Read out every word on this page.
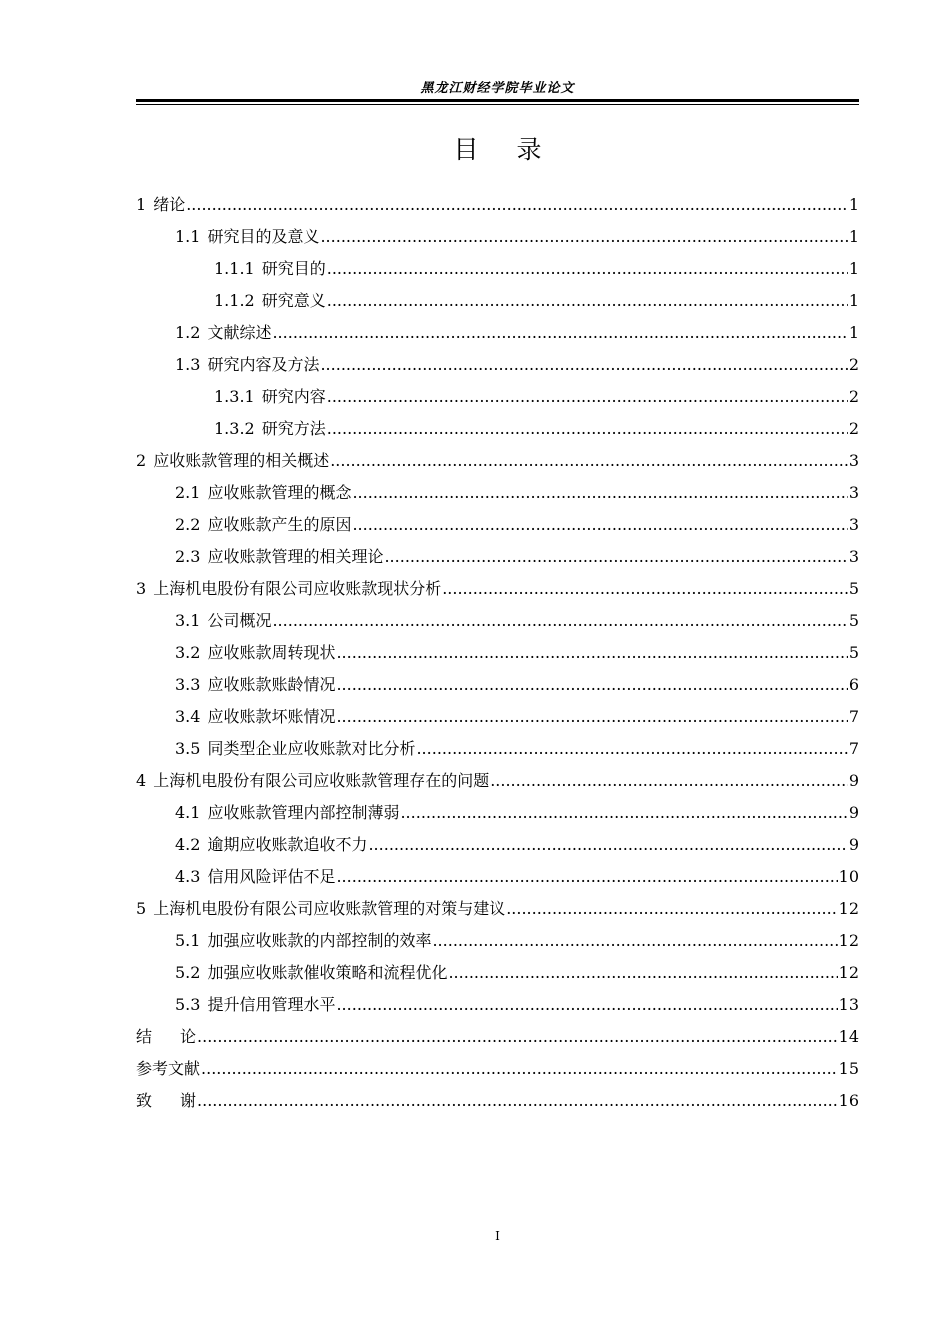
黑龙江财经学院毕业论文
目录
1 绪论 .....	1
1.1 研究目的及意义 .....	1
1.1.1 研究目的 .....	1
1.1.2 研究意义 .....	1
1.2 文献综述 .....	1
1.3 研究内容及方法 .....	2
1.3.1 研究内容 .....	2
1.3.2 研究方法 .....	2
2 应收账款管理的相关概述 .....	3
2.1 应收账款管理的概念 .....	3
2.2 应收账款产生的原因 .....	3
2.3 应收账款管理的相关理论 .....	3
3 上海机电股份有限公司应收账款现状分析 .....	5
3.1 公司概况 .....	5
3.2 应收账款周转现状 .....	5
3.3 应收账款账龄情况 .....	6
3.4 应收账款坏账情况 .....	7
3.5 同类型企业应收账款对比分析 .....	7
4 上海机电股份有限公司应收账款管理存在的问题 .....	9
4.1 应收账款管理内部控制薄弱 .....	9
4.2 逾期应收账款追收不力 .....	9
4.3 信用风险评估不足 .....	10
5 上海机电股份有限公司应收账款管理的对策与建议 .....	12
5.1 加强应收账款的内部控制的效率 .....	12
5.2 加强应收账款催收策略和流程优化 .....	12
5.3 提升信用管理水平 .....	13
结论 .....	14
参考文献 .....	15
致谢 .....	16
I
